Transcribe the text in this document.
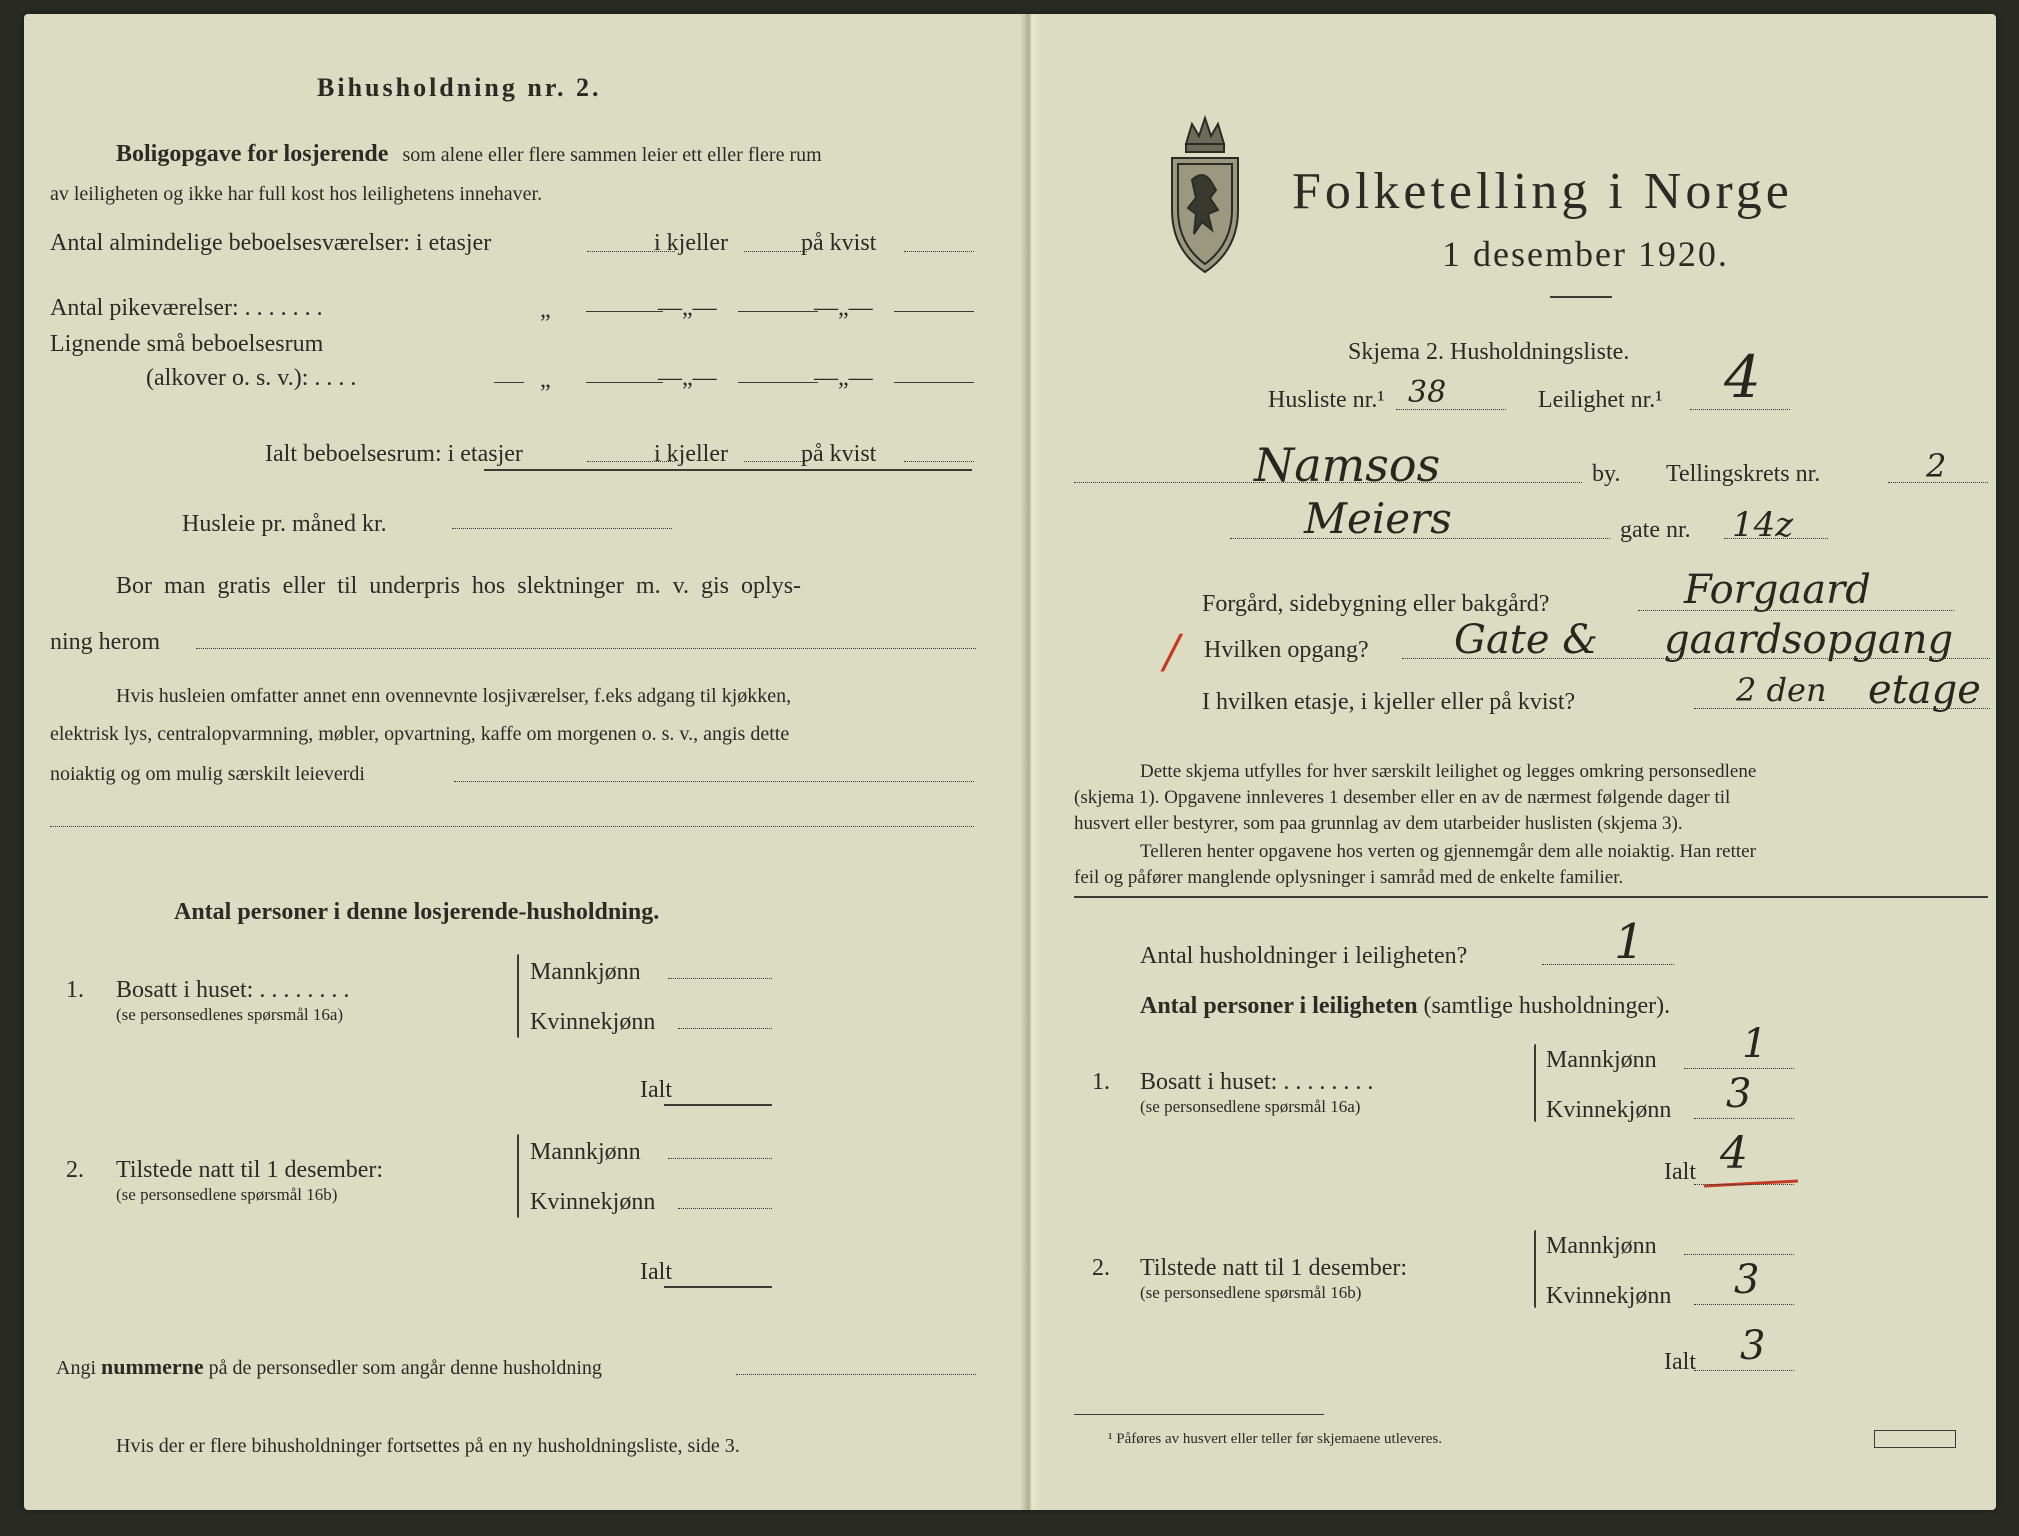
Bihusholdning nr. 2.
Boligopgave for losjerende som alene eller flere sammen leier ett eller flere rum
av leiligheten og ikke har full kost hos leilighetens innehaver.
Antal almindelige beboelsesværelser: i etasjer	i kjeller	på kvist
Antal pikeværelser: . . . . . . .	„	—„—	—„—
Lignende små beboelsesrum
(alkover o. s. v.): . . . .	„	—„—	—„—
Ialt beboelsesrum: i etasjer	i kjeller	på kvist
Husleie pr. måned kr.
Bor man gratis eller til underpris hos slektninger m. v. gis oplys-
ning herom
Hvis husleien omfatter annet enn ovennevnte losjiværelser, f.eks adgang til kjøkken,
elektrisk lys, centralopvarmning, møbler, opvartning, kaffe om morgenen o. s. v., angis dette
noiaktig og om mulig særskilt leieverdi
Antal personer i denne losjerende-husholdning.
1. Bosatt i huset: . . . . . . . .
(se personsedlenes spørsmål 16a)
Mannkjønn
Kvinnekjønn
Ialt
2. Tilstede natt til 1 desember:
(se personsedlene spørsmål 16b)
Mannkjønn
Kvinnekjønn
Ialt
Angi nummerne på de personsedler som angår denne husholdning
Hvis der er flere bihusholdninger fortsettes på en ny husholdningsliste, side 3.
Folketelling i Norge
1 desember 1920.
Skjema 2. Husholdningsliste.
Husliste nr.¹ 38	Leilighet nr.¹ 4
Namsos	by. Tellingskrets nr.	2
Meiers	gate nr. 14z
Forgård, sidebygning eller bakgård?	Forgaard
/ Hvilken opgang? Gate & gaardsopgang
I hvilken etasje, i kjeller eller på kvist?	2 den etage
Dette skjema utfylles for hver særskilt leilighet og legges omkring personsedlene
(skjema 1). Opgavene innleveres 1 desember eller en av de nærmest følgende dager til
husvert eller bestyrer, som paa grunnlag av dem utarbeider huslisten (skjema 3).
Telleren henter opgavene hos verten og gjennemgår dem alle noiaktig. Han retter
feil og påfører manglende oplysninger i samråd med de enkelte familier.
Antal husholdninger i leiligheten?	1
Antal personer i leiligheten (samtlige husholdninger).
1. Bosatt i huset: . . . . . . . .
(se personsedlene spørsmål 16a)
Mannkjønn 1
Kvinnekjønn 3
Ialt 4
2. Tilstede natt til 1 desember:
(se personsedlene spørsmål 16b)
Mannkjønn
Kvinnekjønn 3
Ialt 3
¹ Påføres av husvert eller teller før skjemaene utleveres.
